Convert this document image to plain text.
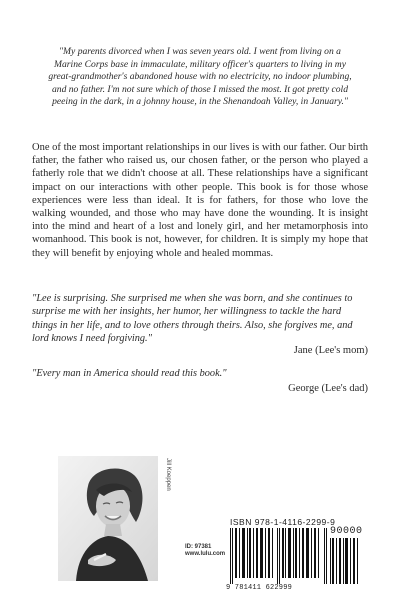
"My parents divorced when I was seven years old. I went from living on a Marine Corps base in immaculate, military officer's quarters to living in my great-grandmother's abandoned house with no electricity, no indoor plumbing, and no father. I'm not sure which of those I missed the most. It got pretty cold peeing in the dark, in a johnny house, in the Shenandoah Valley, in January."
One of the most important relationships in our lives is with our father. Our birth father, the father who raised us, our chosen father, or the person who played a fatherly role that we didn't choose at all. These relationships have a significant impact on our interactions with other people. This book is for those whose experiences were less than ideal. It is for fathers, for those who love the walking wounded, and those who may have done the wounding. It is insight into the mind and heart of a lost and lonely girl, and her metamorphosis into womanhood. This book is not, however, for children. It is simply my hope that they will benefit by enjoying whole and healed mommas.
"Lee is surprising. She surprised me when she was born, and she continues to surprise me with her insights, her humor, her willingness to tackle the hard things in her life, and to love others through theirs. Also, she forgives me, and lord knows I need forgiving."
Jane (Lee's mom)
"Every man in America should read this book."
George (Lee's dad)
Jill Koeppen
ID: 97381
www.lulu.com
ISBN 978-1-4116-2299-9
90000
9 781411 622999
